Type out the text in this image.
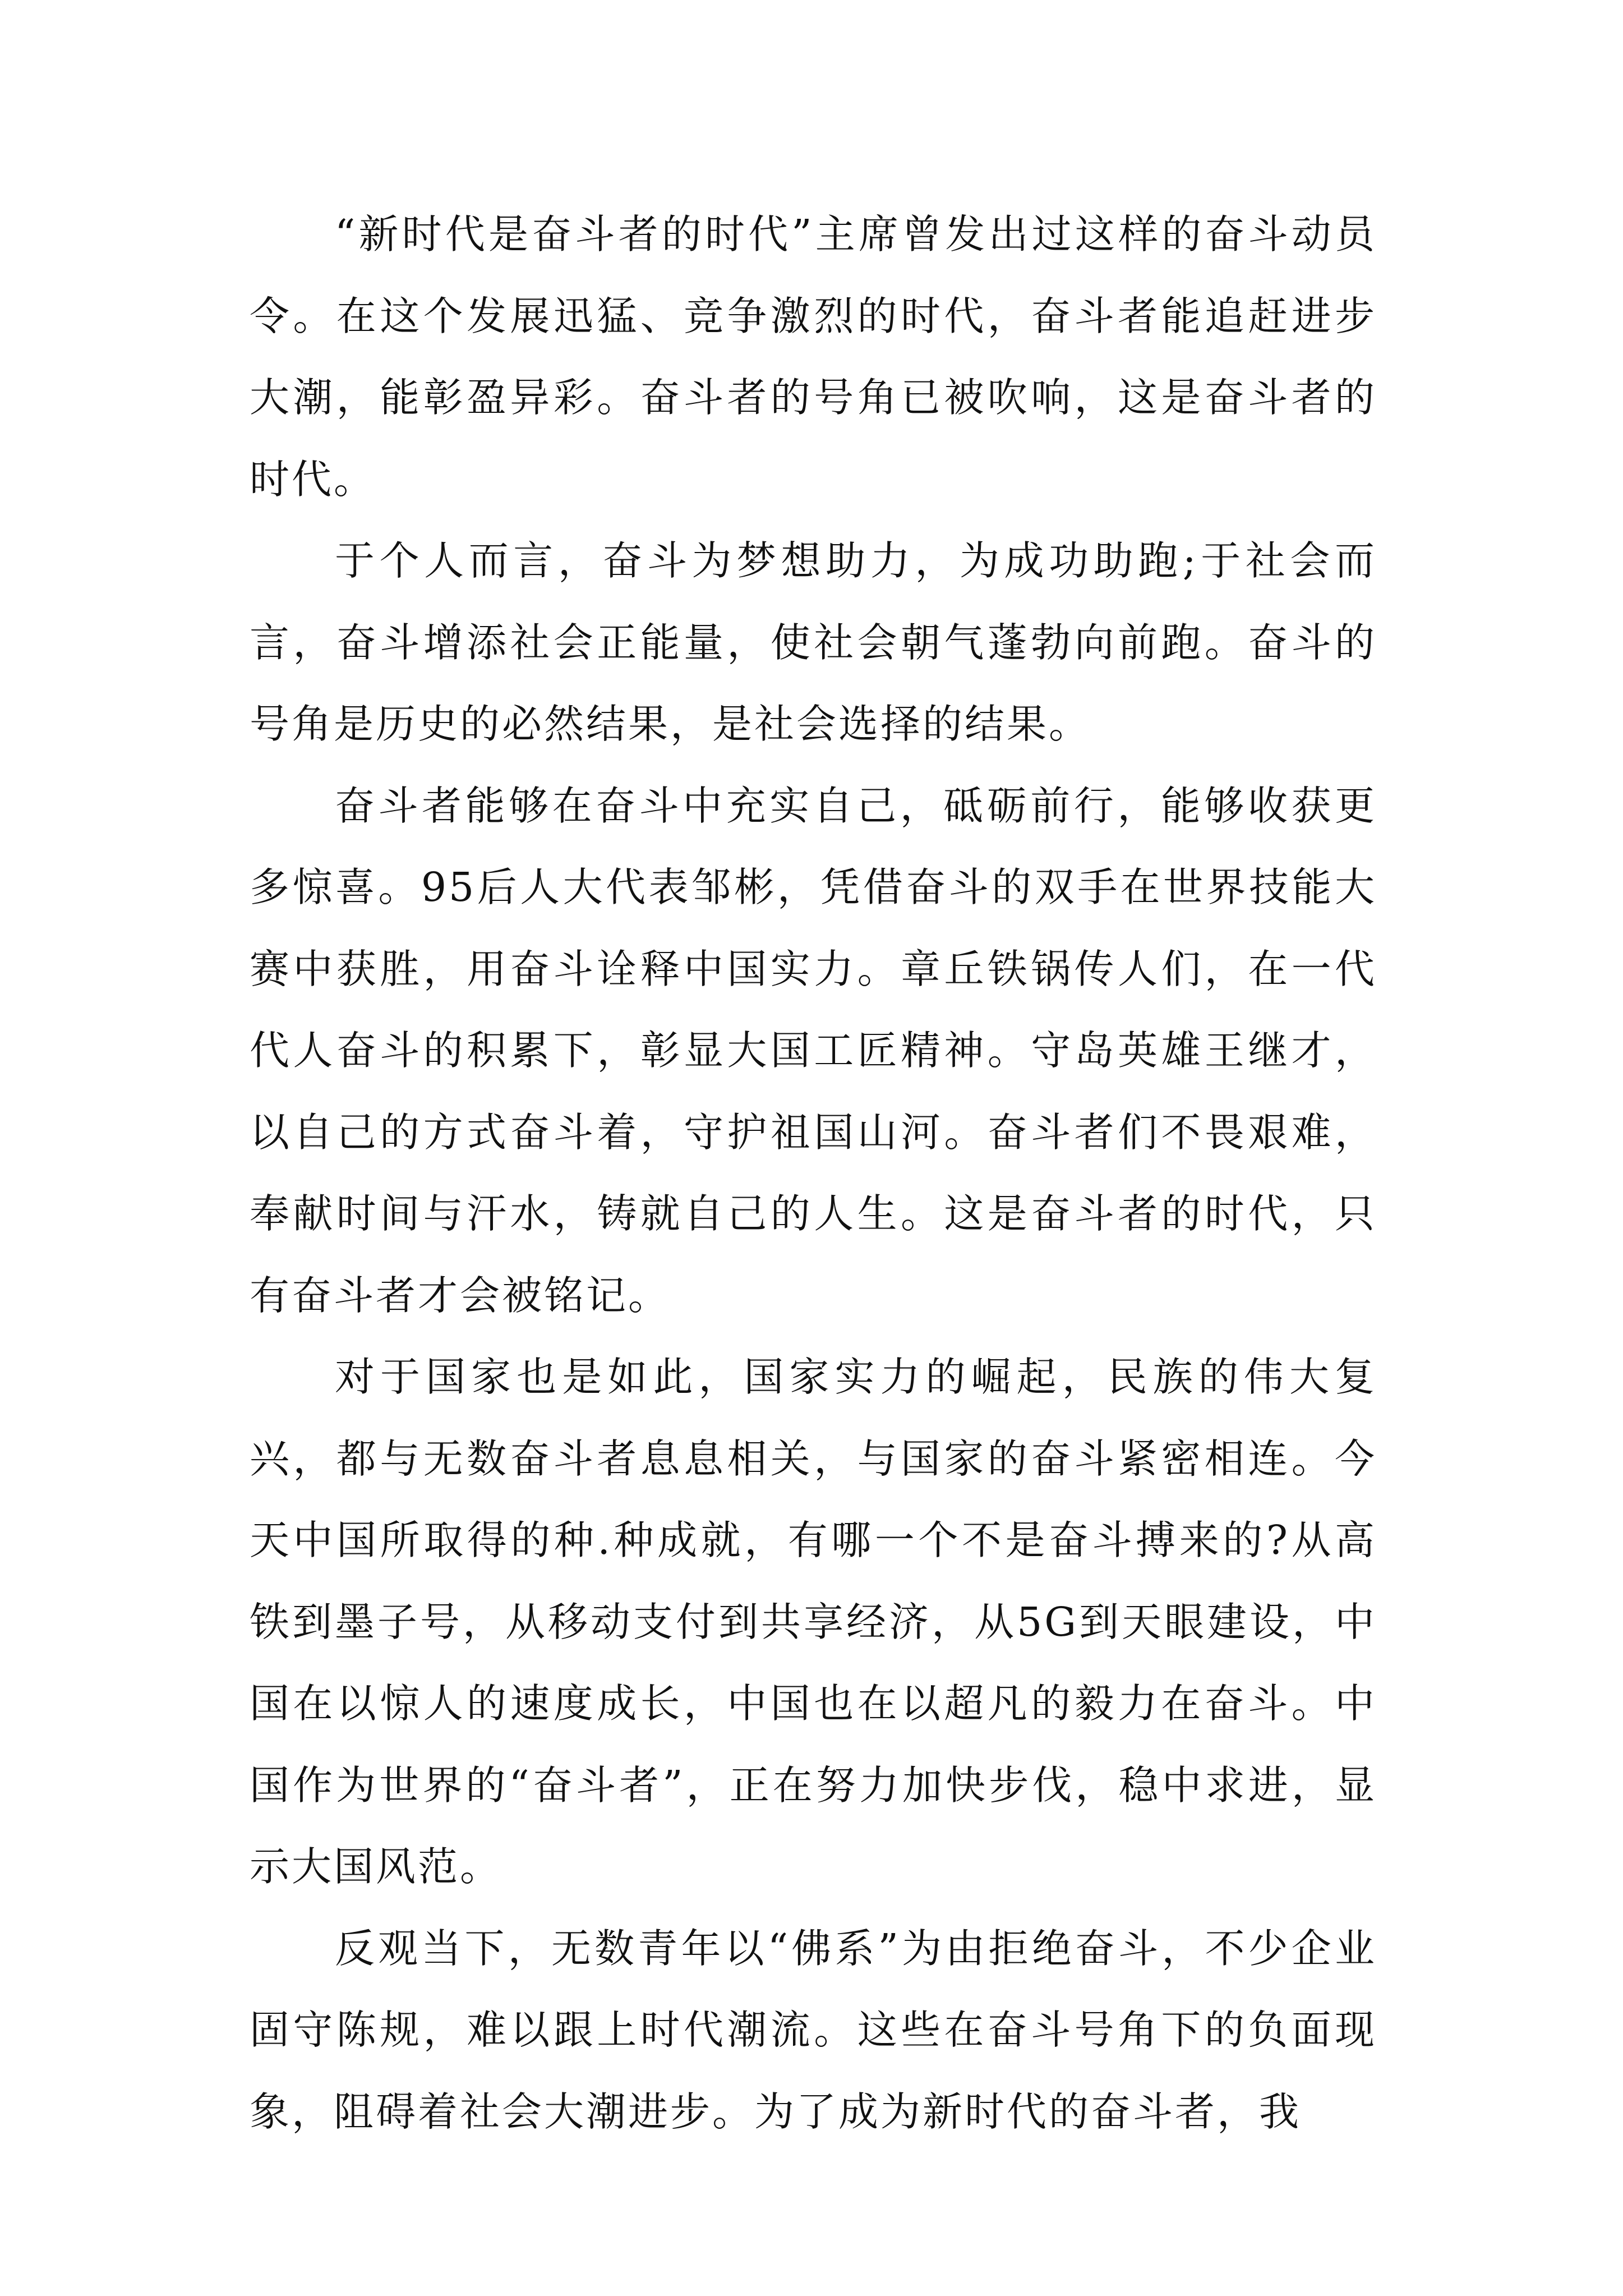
“新时代是奋斗者的时代”主席曾发出过这样的奋斗动员令。在这个发展迅猛、竞争激烈的时代，奋斗者能追赶进步大潮，能彰盈异彩。奋斗者的号角已被吹响，这是奋斗者的时代。

于个人而言，奋斗为梦想助力，为成功助跑;于社会而言，奋斗增添社会正能量，使社会朝气蓬勃向前跑。奋斗的号角是历史的必然结果，是社会选择的结果。

奋斗者能够在奋斗中充实自己，砥砺前行，能够收获更多惊喜。95后人大代表邹彬，凭借奋斗的双手在世界技能大赛中获胜，用奋斗诠释中国实力。章丘铁锅传人们，在一代代人奋斗的积累下，彰显大国工匠精神。守岛英雄王继才，以自己的方式奋斗着，守护祖国山河。奋斗者们不畏艰难，奉献时间与汗水，铸就自己的人生。这是奋斗者的时代，只有奋斗者才会被铭记。

对于国家也是如此，国家实力的崛起，民族的伟大复兴，都与无数奋斗者息息相关，与国家的奋斗紧密相连。今天中国所取得的种.种成就，有哪一个不是奋斗搏来的?从高铁到墨子号，从移动支付到共享经济，从5G到天眼建设，中国在以惊人的速度成长，中国也在以超凡的毅力在奋斗。中国作为世界的“奋斗者”，正在努力加快步伐，稳中求进，显示大国风范。

反观当下，无数青年以“佛系”为由拒绝奋斗，不少企业固守陈规，难以跟上时代潮流。这些在奋斗号角下的负面现象，阻碍着社会大潮进步。为了成为新时代的奋斗者，我
